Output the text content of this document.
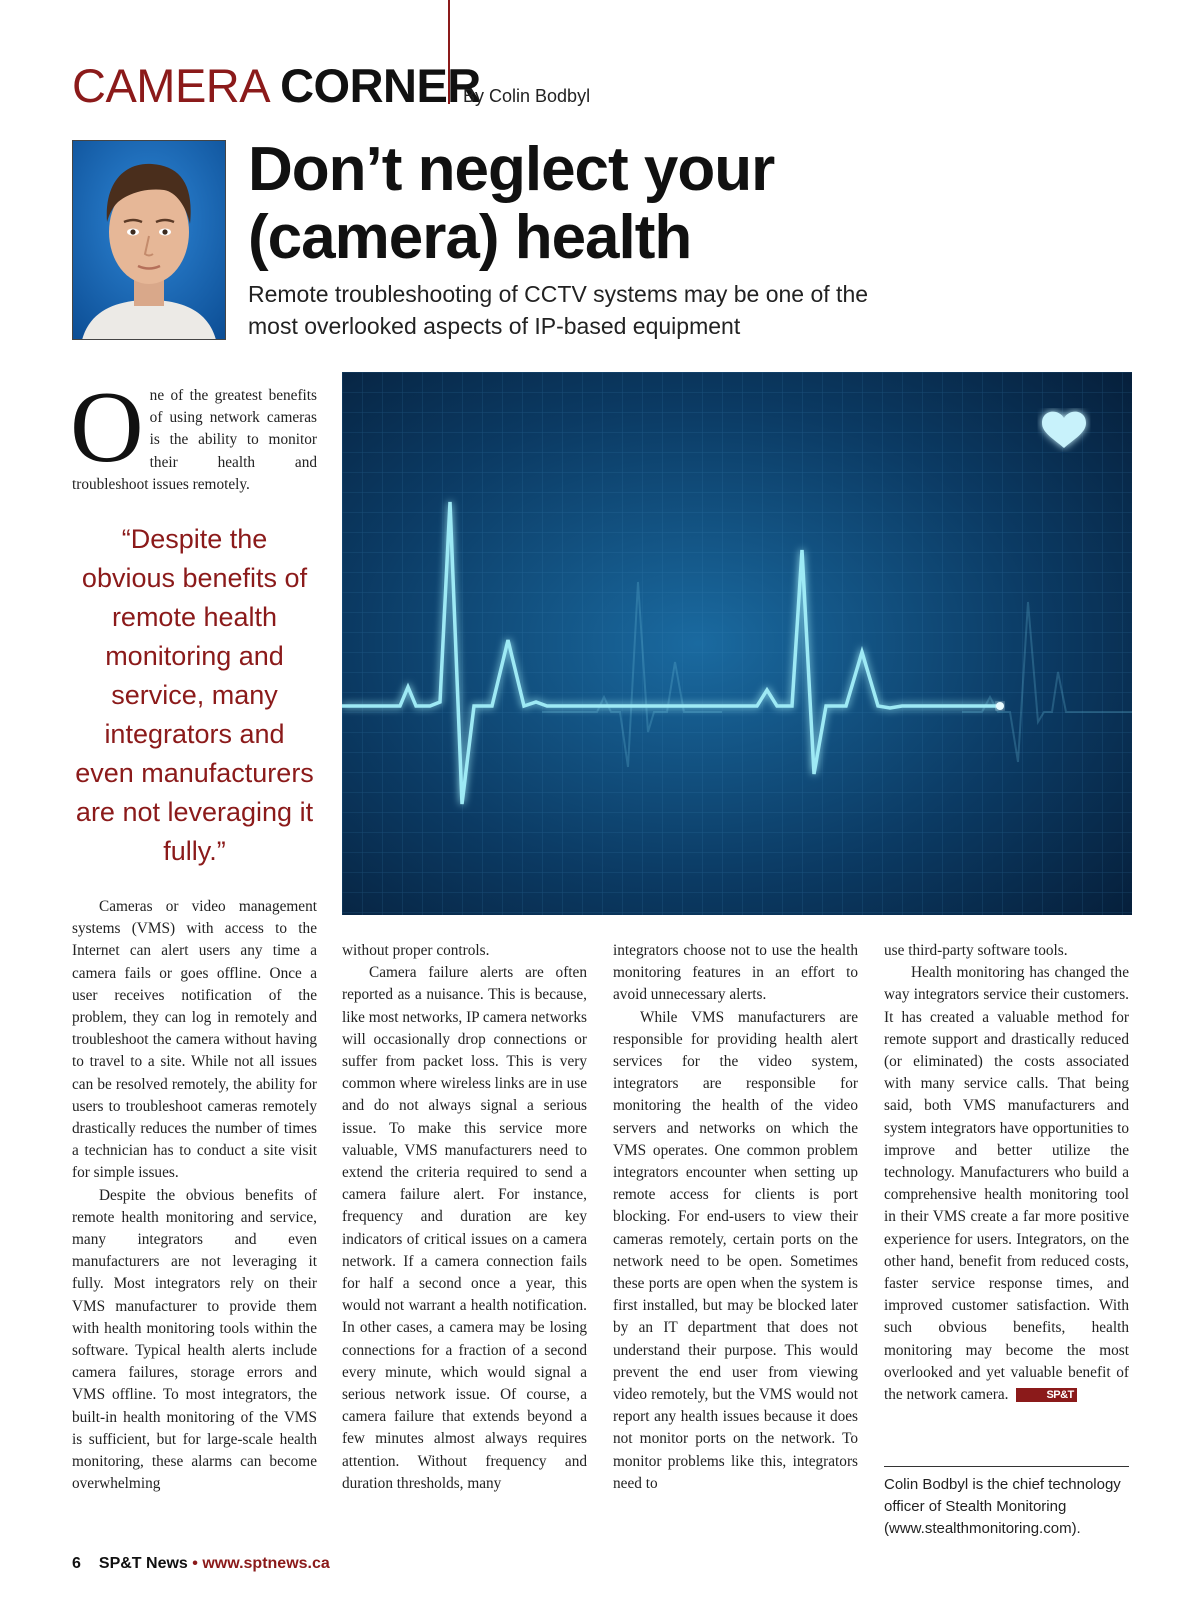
CAMERA CORNER
By Colin Bodbyl
Don’t neglect your
(camera) health
Remote troubleshooting of CCTV systems may be one of the most overlooked aspects of IP-based equipment
O ne of the greatest benefits of using network cameras is the ability to monitor their health and troubleshoot issues remotely.

“Despite the obvious benefits of remote health monitoring and service, many integrators and even manufacturers are not leveraging it fully.”

Cameras or video management systems (VMS) with access to the Internet can alert users any time a camera fails or goes offline. Once a user receives notification of the problem, they can log in remotely and troubleshoot the camera without having to travel to a site. While not all issues can be resolved remotely, the ability for users to troubleshoot cameras remotely drastically reduces the number of times a technician has to conduct a site visit for simple issues.

Despite the obvious benefits of remote health monitoring and service, many integrators and even manufacturers are not leveraging it fully. Most integrators rely on their VMS manufacturer to provide them with health monitoring tools within the software. Typical health alerts include camera failures, storage errors and VMS offline. To most integrators, the built-in health monitoring of the VMS is sufficient, but for large-scale health monitoring, these alarms can become overwhelming

without proper controls.

Camera failure alerts are often reported as a nuisance. This is because, like most networks, IP camera networks will occasionally drop connections or suffer from packet loss. This is very common where wireless links are in use and do not always signal a serious issue. To make this service more valuable, VMS manufacturers need to extend the criteria required to send a camera failure alert. For instance, frequency and duration are key indicators of critical issues on a camera network. If a camera connection fails for half a second once a year, this would not warrant a health notification. In other cases, a camera may be losing connections for a fraction of a second every minute, which would signal a serious network issue. Of course, a camera failure that extends beyond a few minutes almost always requires attention. Without frequency and duration thresholds, many

integrators choose not to use the health monitoring features in an effort to avoid unnecessary alerts.

While VMS manufacturers are responsible for providing health alert services for the video system, integrators are responsible for monitoring the health of the video servers and networks on which the VMS operates. One common problem integrators encounter when setting up remote access for clients is port blocking. For end-users to view their cameras remotely, certain ports on the network need to be open. Sometimes these ports are open when the system is first installed, but may be blocked later by an IT department that does not understand their purpose. This would prevent the end user from viewing video remotely, but the VMS would not report any health issues because it does not monitor ports on the network. To monitor problems like this, integrators need to

use third-party software tools.

Health monitoring has changed the way integrators service their customers. It has created a valuable method for remote support and drastically reduced (or eliminated) the costs associated with many service calls. That being said, both VMS manufacturers and system integrators have opportunities to improve and better utilize the technology. Manufacturers who build a comprehensive health monitoring tool in their VMS create a far more positive experience for users. Integrators, on the other hand, benefit from reduced costs, faster service response times, and improved customer satisfaction. With such obvious benefits, health monitoring may become the most overlooked and yet valuable benefit of the network camera.	SP&T

Colin Bodbyl is the chief technology officer of Stealth Monitoring (www.stealthmonitoring.com).
6 SP&T News • www.sptnews.ca
